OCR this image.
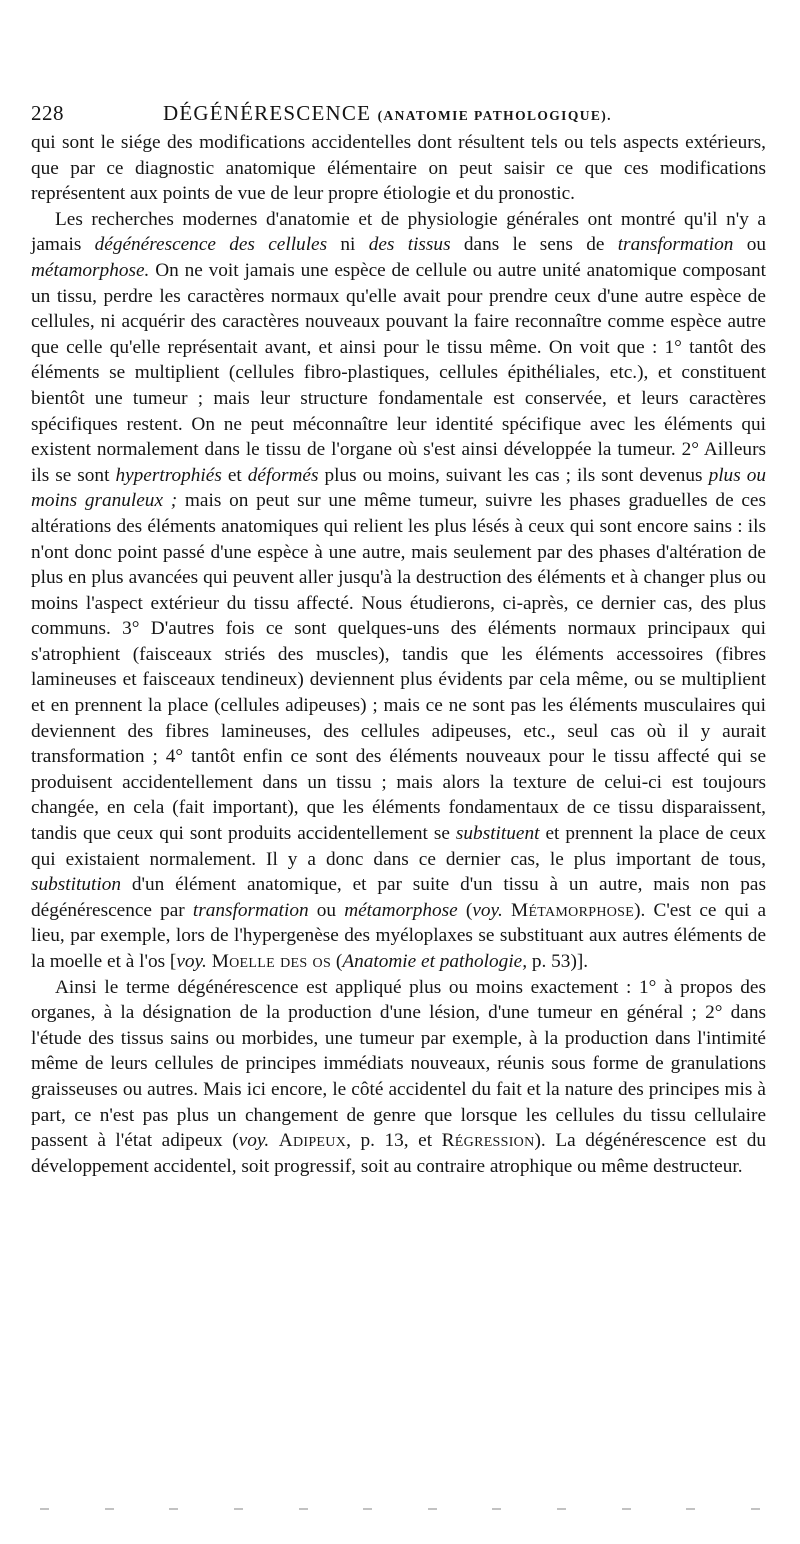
228	DÉGÉNÉRESCENCE (ANATOMIE PATHOLOGIQUE).

qui sont le siége des modifications accidentelles dont résultent tels ou tels aspects extérieurs, que par ce diagnostic anatomique élémentaire on peut saisir ce que ces modifications représentent aux points de vue de leur propre étiologie et du pronostic.

Les recherches modernes d'anatomie et de physiologie générales ont montré qu'il n'y a jamais dégénérescence des cellules ni des tissus dans le sens de transformation ou métamorphose. On ne voit jamais une espèce de cellule ou autre unité anatomique composant un tissu, perdre les caractères normaux qu'elle avait pour prendre ceux d'une autre espèce de cellules, ni acquérir des caractères nouveaux pouvant la faire reconnaître comme espèce autre que celle qu'elle représentait avant, et ainsi pour le tissu même. On voit que : 1° tantôt des éléments se multiplient (cellules fibro-plastiques, cellules épithéliales, etc.), et constituent bientôt une tumeur ; mais leur structure fondamentale est conservée, et leurs caractères spécifiques restent. On ne peut méconnaître leur identité spécifique avec les éléments qui existent normalement dans le tissu de l'organe où s'est ainsi développée la tumeur. 2° Ailleurs ils se sont hypertrophiés et déformés plus ou moins, suivant les cas ; ils sont devenus plus ou moins granuleux ; mais on peut sur une même tumeur, suivre les phases graduelles de ces altérations des éléments anatomiques qui relient les plus lésés à ceux qui sont encore sains : ils n'ont donc point passé d'une espèce à une autre, mais seulement par des phases d'altération de plus en plus avancées qui peuvent aller jusqu'à la destruction des éléments et à changer plus ou moins l'aspect extérieur du tissu affecté. Nous étudierons, ci-après, ce dernier cas, des plus communs. 3° D'autres fois ce sont quelques-uns des éléments normaux principaux qui s'atrophient (faisceaux striés des muscles), tandis que les éléments accessoires (fibres lamineuses et faisceaux tendineux) deviennent plus évidents par cela même, ou se multiplient et en prennent la place (cellules adipeuses) ; mais ce ne sont pas les éléments musculaires qui deviennent des fibres lamineuses, des cellules adipeuses, etc., seul cas où il y aurait transformation ; 4° tantôt enfin ce sont des éléments nouveaux pour le tissu affecté qui se produisent accidentellement dans un tissu ; mais alors la texture de celui-ci est toujours changée, en cela (fait important), que les éléments fondamentaux de ce tissu disparaissent, tandis que ceux qui sont produits accidentellement se substituent et prennent la place de ceux qui existaient normalement. Il y a donc dans ce dernier cas, le plus important de tous, substitution d'un élément anatomique, et par suite d'un tissu à un autre, mais non pas dégénérescence par transformation ou métamorphose (voy. Métamorphose). C'est ce qui a lieu, par exemple, lors de l'hypergenèse des myéloplaxes se substituant aux autres éléments de la moelle et à l'os [voy. Moelle des os (Anatomie et pathologie, p. 53)].

Ainsi le terme dégénérescence est appliqué plus ou moins exactement : 1° à propos des organes, à la désignation de la production d'une lésion, d'une tumeur en général ; 2° dans l'étude des tissus sains ou morbides, une tumeur par exemple, à la production dans l'intimité même de leurs cellules de principes immédiats nouveaux, réunis sous forme de granulations graisseuses ou autres. Mais ici encore, le côté accidentel du fait et la nature des principes mis à part, ce n'est pas plus un changement de genre que lorsque les cellules du tissu cellulaire passent à l'état adipeux (voy. Adipeux, p. 13, et Régression). La dégénérescence est du développement accidentel, soit progressif, soit au contraire atrophique ou même destructeur.
